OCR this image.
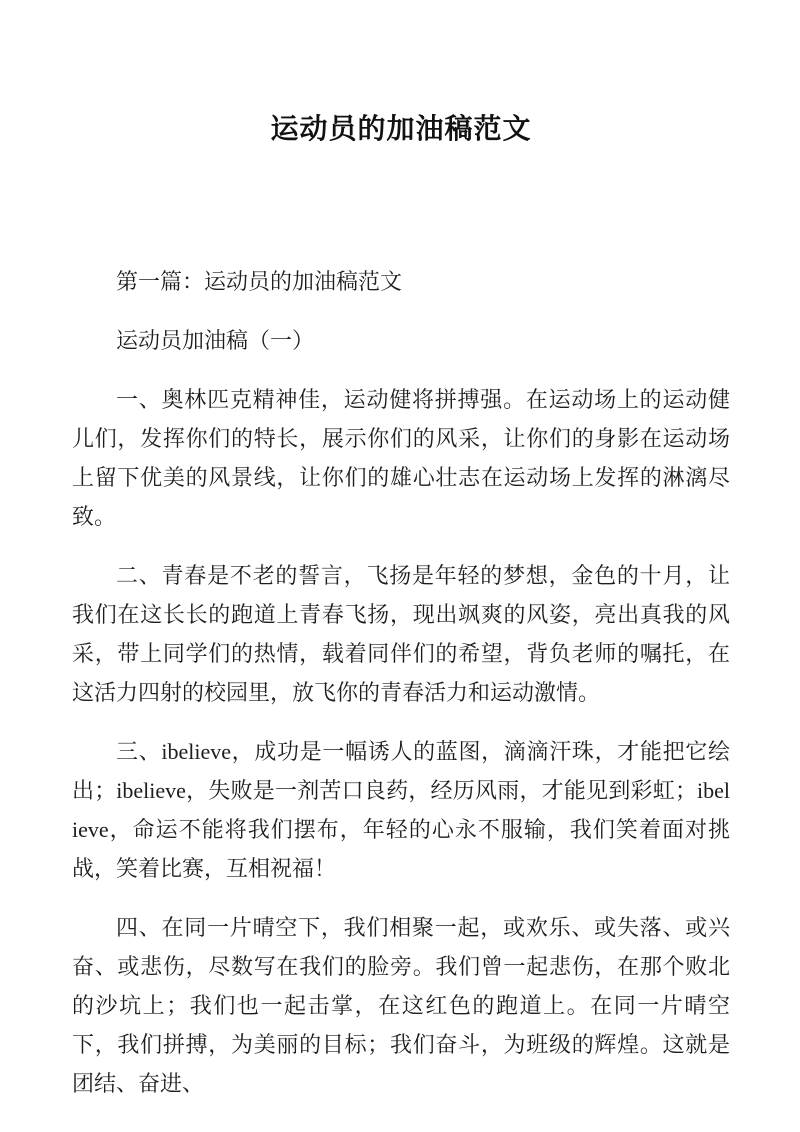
运动员的加油稿范文

第一篇：运动员的加油稿范文

运动员加油稿（一）

一、奥林匹克精神佳，运动健将拼搏强。在运动场上的运动健儿们，发挥你们的特长，展示你们的风采，让你们的身影在运动场上留下优美的风景线，让你们的雄心壮志在运动场上发挥的淋漓尽致。

二、青春是不老的誓言，飞扬是年轻的梦想，金色的十月，让我们在这长长的跑道上青春飞扬，现出飒爽的风姿，亮出真我的风采，带上同学们的热情，载着同伴们的希望，背负老师的嘱托，在这活力四射的校园里，放飞你的青春活力和运动激情。

三、ibelieve，成功是一幅诱人的蓝图，滴滴汗珠，才能把它绘出；ibelieve，失败是一剂苦口良药，经历风雨，才能见到彩虹；ibelieve，命运不能将我们摆布，年轻的心永不服输，我们笑着面对挑战，笑着比赛，互相祝福！

四、在同一片晴空下，我们相聚一起，或欢乐、或失落、或兴奋、或悲伤，尽数写在我们的脸旁。我们曾一起悲伤，在那个败北的沙坑上；我们也一起击掌，在这红色的跑道上。在同一片晴空下，我们拼搏，为美丽的目标；我们奋斗，为班级的辉煌。这就是团结、奋进、
